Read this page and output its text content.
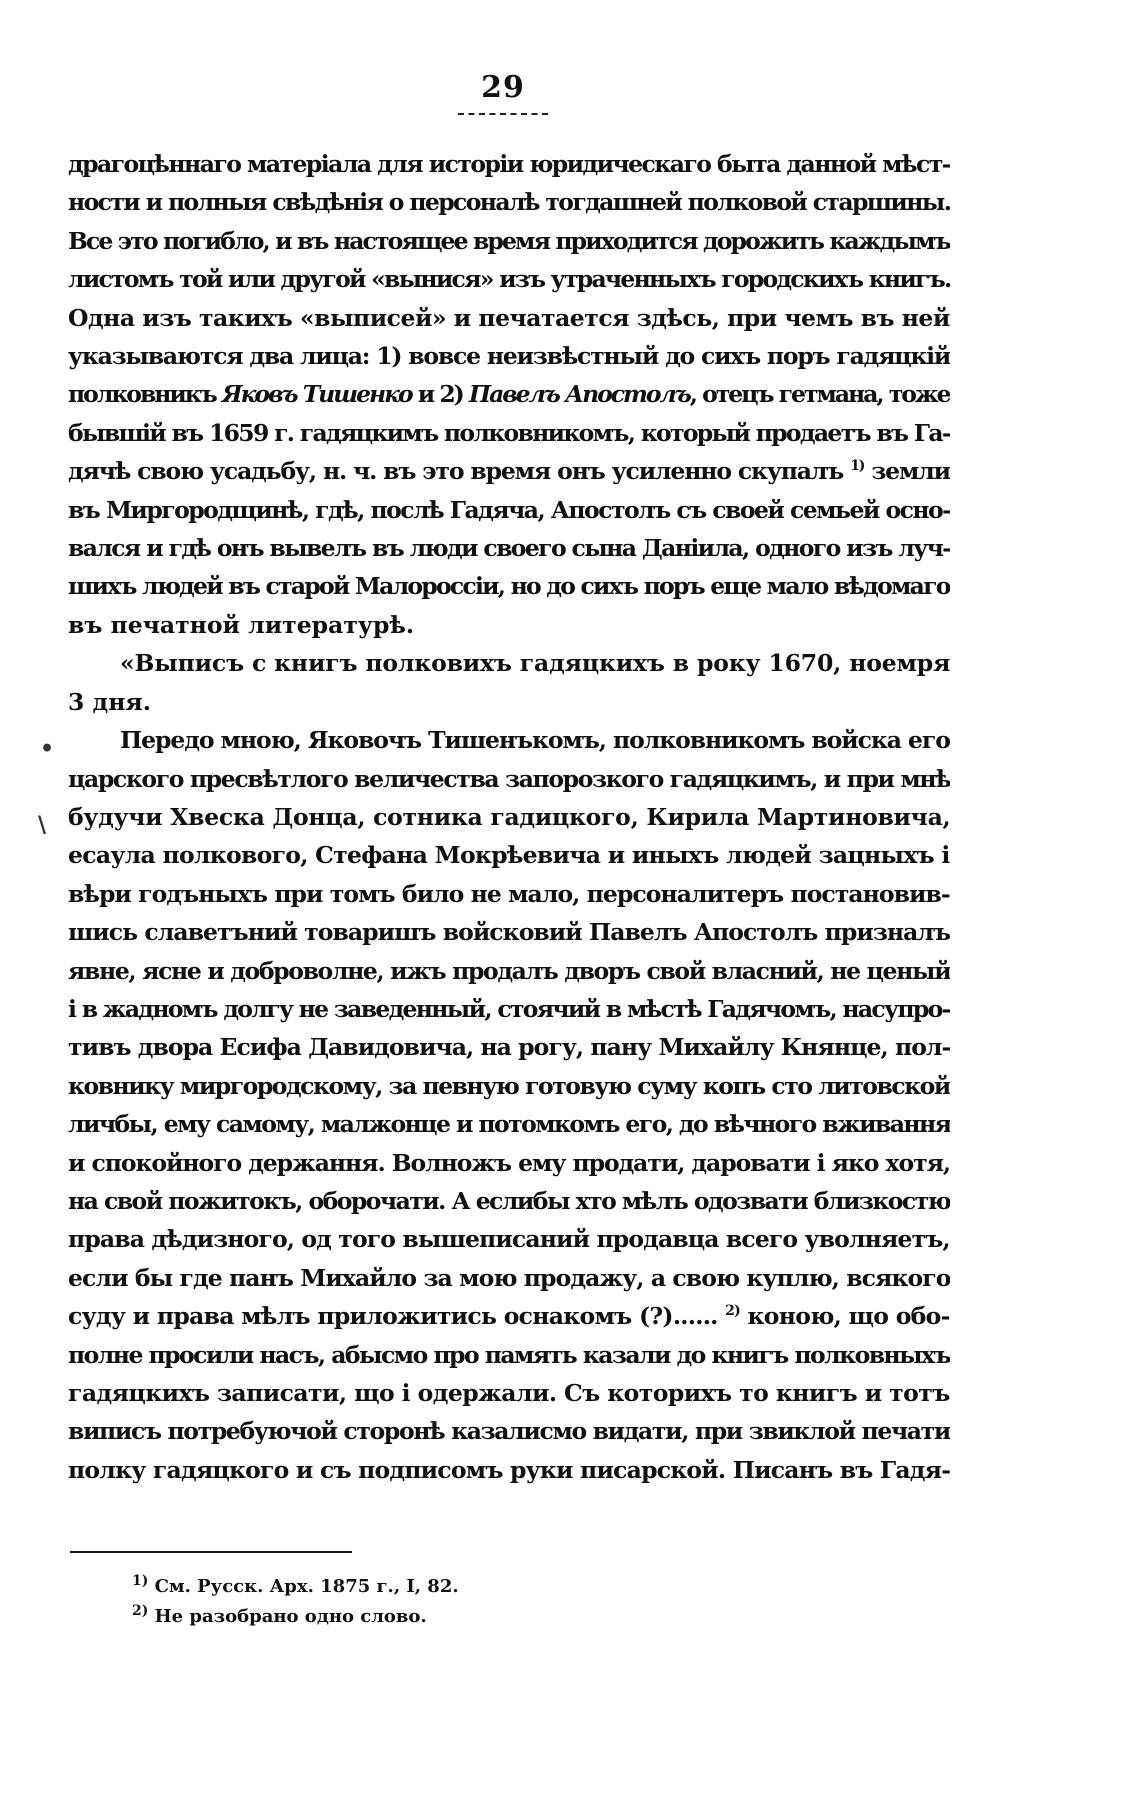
29

драгоцѣннаго матеріала для исторіи юридическаго быта данной мѣст-
ности и полныя свѣдѣнія о персоналѣ тогдашней полковой старшины.
Все это погибло, и въ настоящее время приходится дорожить каждымъ
листомъ той или другой «вынися» изъ утраченныхъ городскихъ книгъ.
Одна изъ такихъ «выписей» и печатается здѣсь, при чемъ въ ней
указываются два лица: 1) вовсе неизвѣстный до сихъ поръ гадяцкій
полковникъ Яковъ Тишенко и 2) Павелъ Апостолъ, отецъ гетмана, тоже
бывшій въ 1659 г. гадяцкимъ полковникомъ, который продаетъ въ Га-
дячѣ свою усадьбу, н. ч. въ это время онъ усиленно скупалъ $^{1)}$ земли
въ Миргородщинѣ, гдѣ, послѣ Гадяча, Апостолъ съ своей семьей осно-
вался и гдѣ онъ вывелъ въ люди своего сына Даніила, одного изъ луч-
шихъ людей въ старой Малороссіи, но до сихъ поръ еще мало вѣдомаго
въ печатной литературѣ.

«Выписъ с книгъ полковихъ гадяцкихъ в року 1670, ноемря
3 дня.

Передо мною, Яковочъ Тишенъкомъ, полковникомъ войска его
царского пресвѣтлого величества запорозкого гадяцкимъ, и при мнѣ
будучи Хвеска Донца, сотника гадицкого, Кирила Мартиновича,
есаула полкового, Стефана Мокрѣевича и иныхъ людей зацныхъ і
вѣри годъныхъ при томъ било не мало, персоналитеръ постановив-
шись славетъний товаришъ войсковий Павелъ Апостолъ призналъ
явне, ясне и доброволне, ижъ продалъ дворъ свой власний, не ценый
і в жадномъ долгу не заведенный, стоячий в мѣстѣ Гадячомъ, насупро-
тивъ двора Есифа Давидовича, на рогу, пану Михайлу Княнце, пол-
ковнику миргородскому, за певную готовую суму копъ сто литовской
личбы, ему самому, малжонце и потомкомъ его, до вѣчного вживання
и спокойного держання. Волножъ ему продати, даровати і яко хотя,
на свой пожитокъ, оборочати. А еслибы хто мѣлъ одозвати близкостю
права дѣдизного, од того вышеписаний продавца всего уволняетъ,
если бы где панъ Михайло за мою продажу, а свою куплю, всякого
суду и права мѣлъ приложитись оснакомъ (?)...... $^{2)}$ коною, що обо-
полне просили насъ, абысмо про память казали до книгъ полковныхъ
гадяцкихъ записати, що і одержали. Съ которихъ то книгъ и тотъ
виписъ потребуючой сторонѣ казалисмо видати, при звиклой печати
полку гадяцкого и съ подписомъ руки писарской. Писанъ въ Гадя-

•
\
$^{1)}$ См. Русск. Арх. 1875 г., I, 82.
$^{2)}$ Не разобрано одно слово.
